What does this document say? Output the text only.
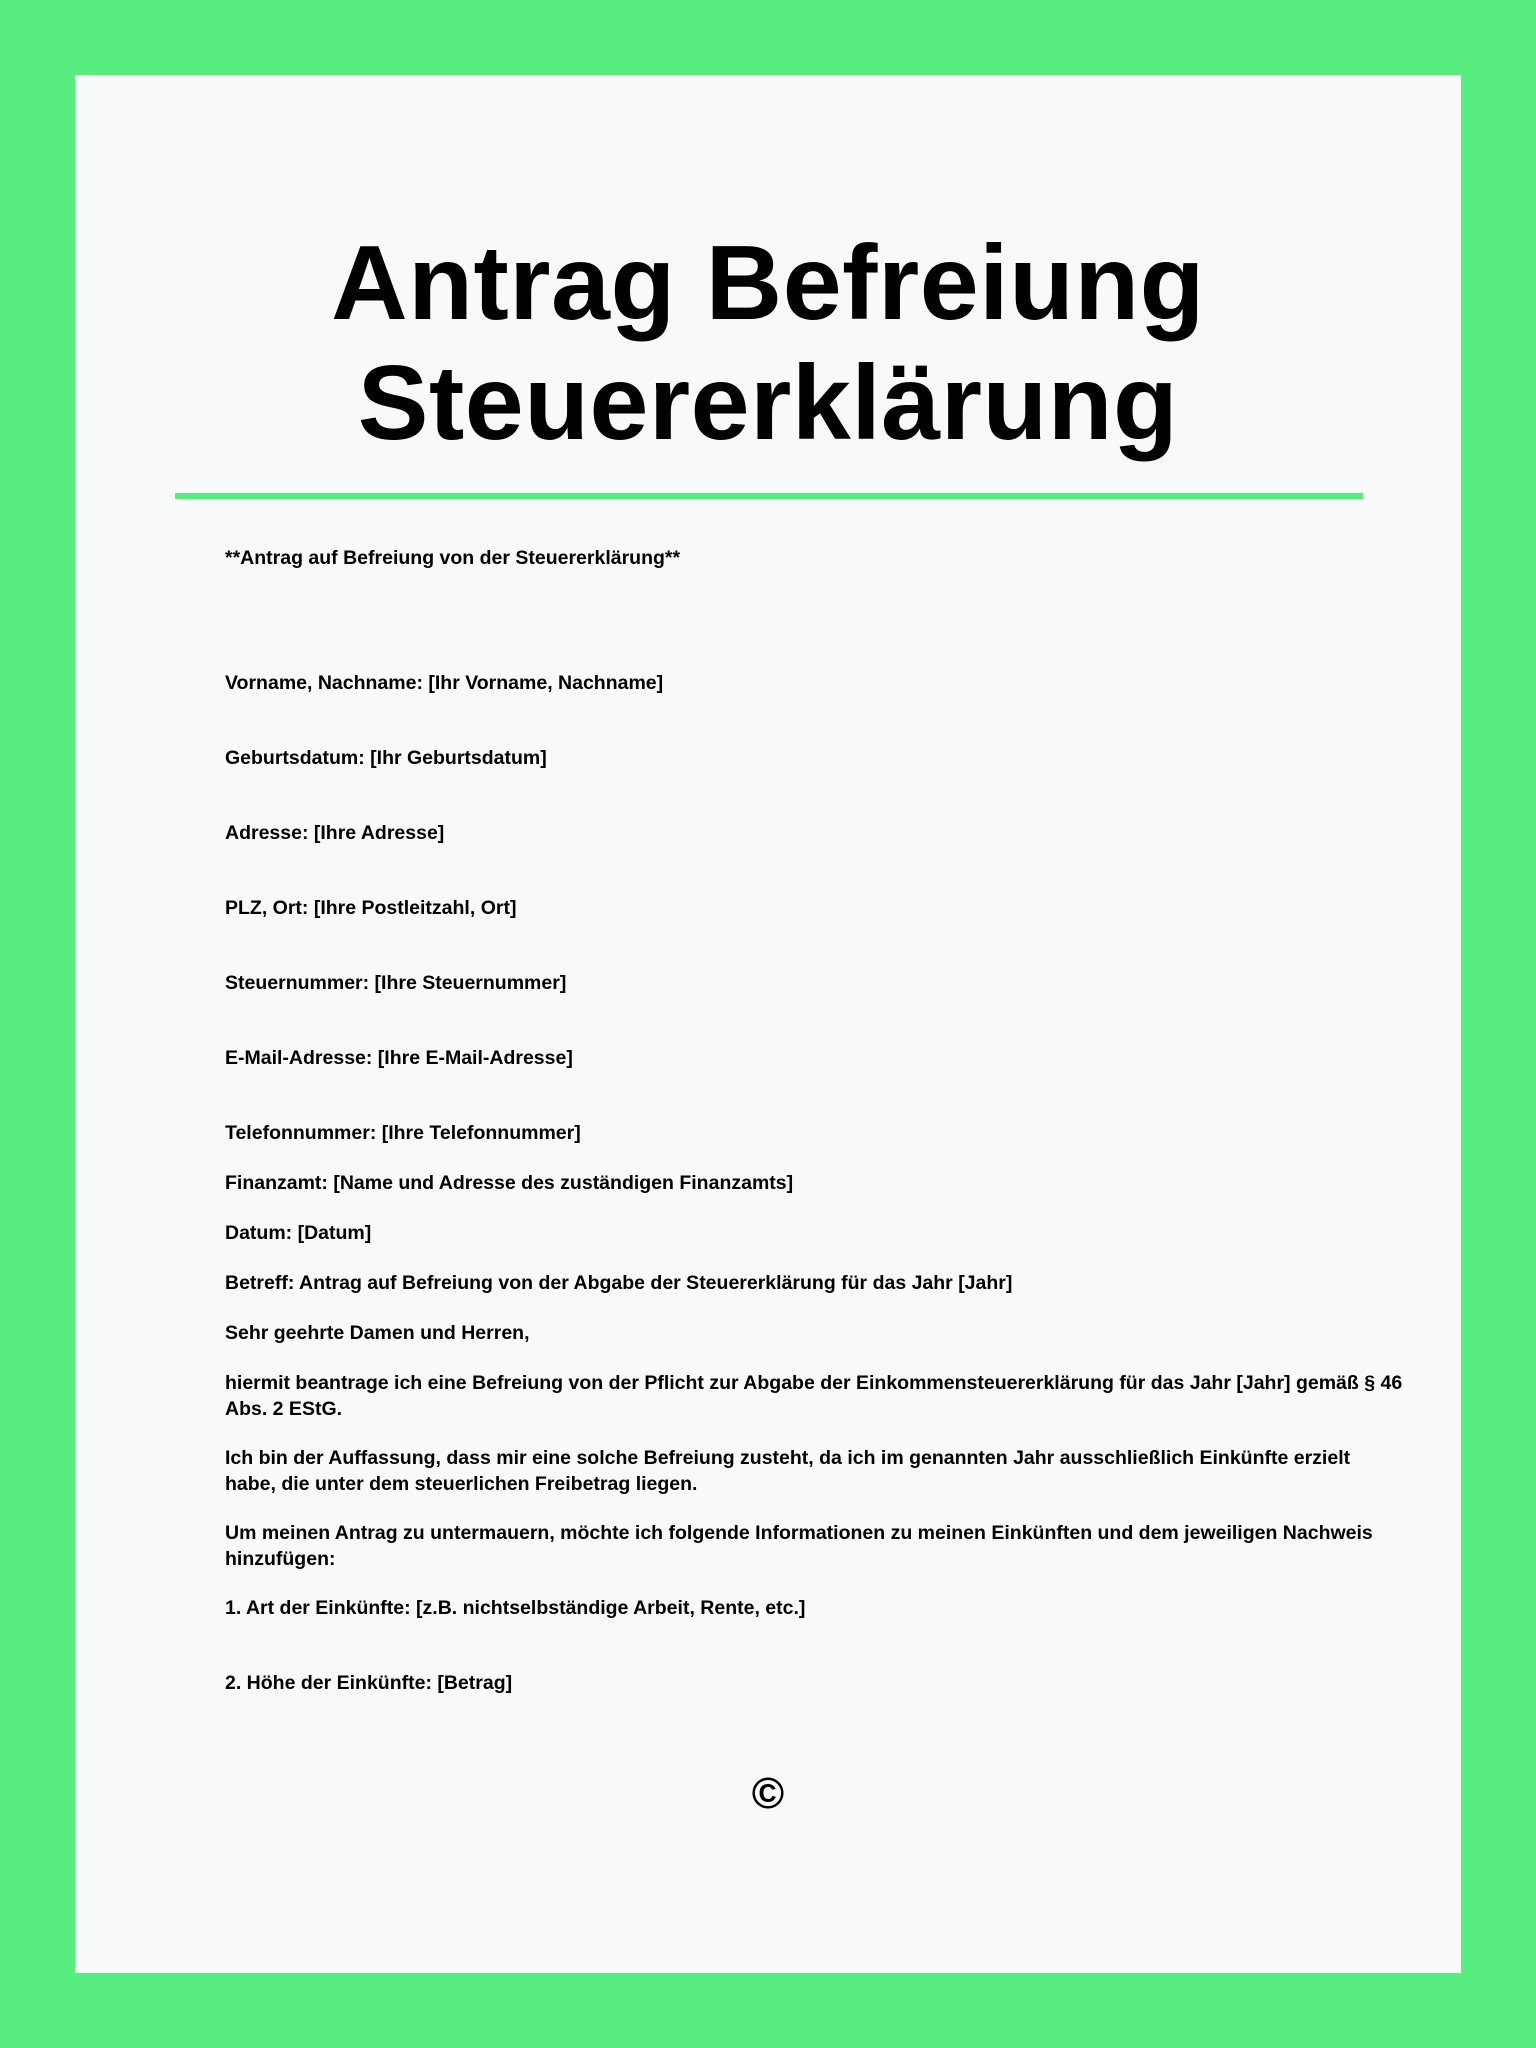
Antrag Befreiung
Steuererklärung
**Antrag auf Befreiung von der Steuererklärung**
Vorname, Nachname: [Ihr Vorname, Nachname]
Geburtsdatum: [Ihr Geburtsdatum]
Adresse: [Ihre Adresse]
PLZ, Ort: [Ihre Postleitzahl, Ort]
Steuernummer: [Ihre Steuernummer]
E-Mail-Adresse: [Ihre E-Mail-Adresse]
Telefonnummer: [Ihre Telefonnummer]
Finanzamt: [Name und Adresse des zuständigen Finanzamts]
Datum: [Datum]
Betreff: Antrag auf Befreiung von der Abgabe der Steuererklärung für das Jahr [Jahr]
Sehr geehrte Damen und Herren,
hiermit beantrage ich eine Befreiung von der Pflicht zur Abgabe der Einkommensteuererklärung für das Jahr [Jahr] gemäß § 46 Abs. 2 EStG.
Ich bin der Auffassung, dass mir eine solche Befreiung zusteht, da ich im genannten Jahr ausschließlich Einkünfte erzielt habe, die unter dem steuerlichen Freibetrag liegen.
Um meinen Antrag zu untermauern, möchte ich folgende Informationen zu meinen Einkünften und dem jeweiligen Nachweis hinzufügen:
1. Art der Einkünfte: [z.B. nichtselbständige Arbeit, Rente, etc.]
2. Höhe der Einkünfte: [Betrag]
©
